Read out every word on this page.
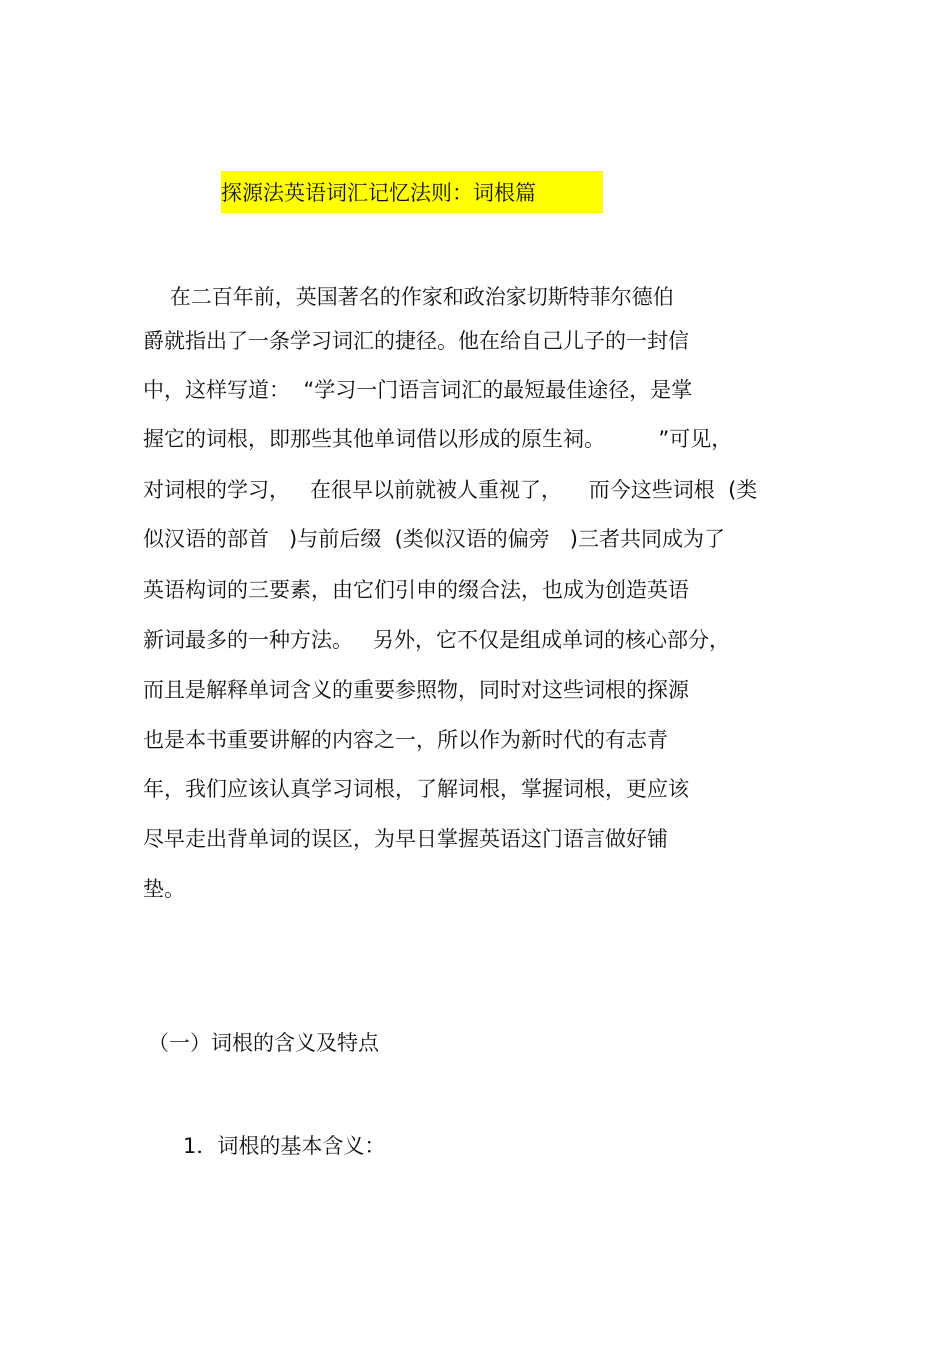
探源法英语词汇记忆法则：词根篇
在二百年前，英国著名的作家和政治家切斯特菲尔德伯
爵就指出了一条学习词汇的捷径。他在给自己儿子的一封信
中，这样写道：  “学习一门语言词汇的最短最佳途径，是掌
握它的词根，即那些其他单词借以形成的原生祠。        ”可见，
对词根的学习，   在很早以前就被人重视了，    而今这些词根  (类
似汉语的部首   )与前后缀  (类似汉语的偏旁   )三者共同成为了
英语构词的三要素，由它们引申的缀合法，也成为创造英语
新词最多的一种方法。   另外，它不仅是组成单词的核心部分，
而且是解释单词含义的重要参照物，同时对这些词根的探源
也是本书重要讲解的内容之一，所以作为新时代的有志青
年，我们应该认真学习词根，了解词根，掌握词根，更应该
尽早走出背单词的误区，为早日掌握英语这门语言做好铺
垫。
（一）词根的含义及特点
1．词根的基本含义：
